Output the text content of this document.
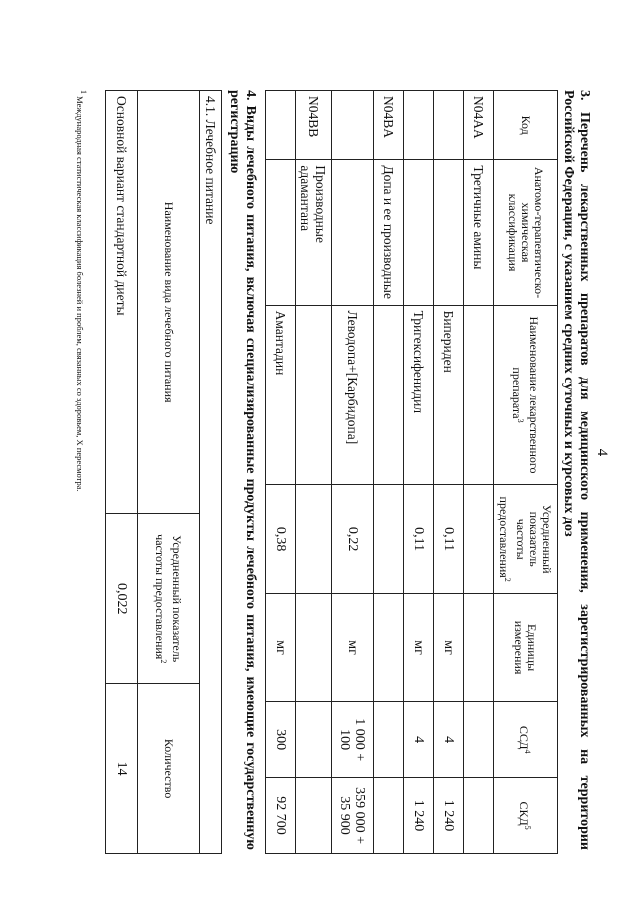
4
3. Перечень лекарственных препаратов для медицинского применения, зарегистрированных на территории Российской Федерации, с указанием средних суточных и курсовых доз
Код	Анатомо-терапевтическо-химическая классификация	Наименование лекарственного препарата$^3$	Усредненный показатель частоты предоставления$^2$	Единицы измерения	ССД$^4$	СКД$^5$
N04AA	Третичные амины					
		Бипериден	0,11	мг	4	1 240
		Тригексифенидил	0,11	мг	4	1 240
N04BA	Допа и ее производные					
		Леводопа+[Карбидопа]	0,22	мг	1 000 + 100	359 000 + 35 900
N04BB	Производные адамантана					
		Амантадин	0,38	мг	300	92 700
4. Виды лечебного питания, включая специализированные продукты лечебного питания, имеющие государственную регистрацию
4.1. Лечебное питание		
Наименование вида лечебного питания	Усредненный показатель частоты предоставления$^2$	Количество
Основной вариант стандартной диеты	0,022	14
$^1$ Международная статистическая классификация болезней и проблем, связанных со здоровьем, X пересмотра.
